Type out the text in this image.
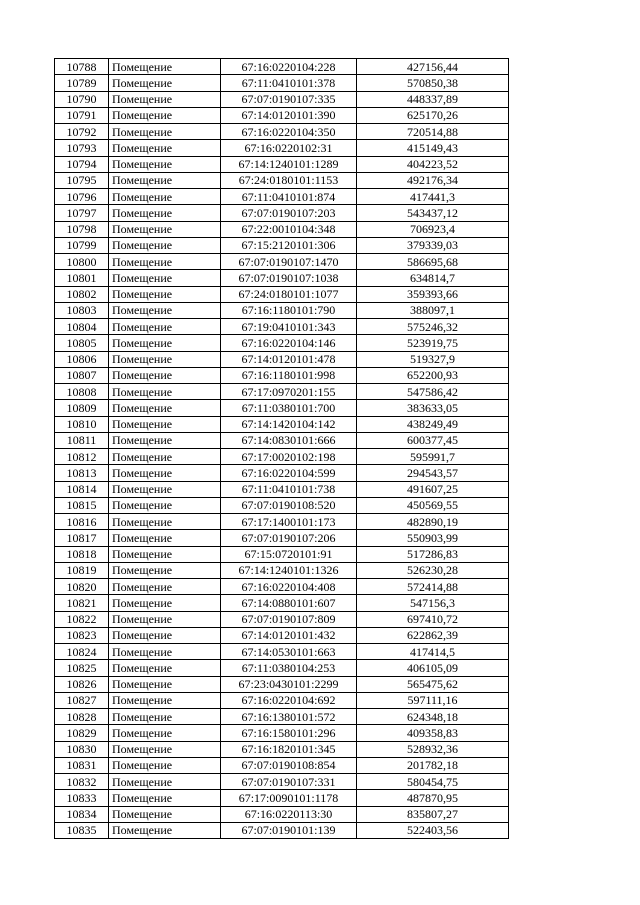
10788	Помещение	67:16:0220104:228	427156,44
10789	Помещение	67:11:0410101:378	570850,38
10790	Помещение	67:07:0190107:335	448337,89
10791	Помещение	67:14:0120101:390	625170,26
10792	Помещение	67:16:0220104:350	720514,88
10793	Помещение	67:16:0220102:31	415149,43
10794	Помещение	67:14:1240101:1289	404223,52
10795	Помещение	67:24:0180101:1153	492176,34
10796	Помещение	67:11:0410101:874	417441,3
10797	Помещение	67:07:0190107:203	543437,12
10798	Помещение	67:22:0010104:348	706923,4
10799	Помещение	67:15:2120101:306	379339,03
10800	Помещение	67:07:0190107:1470	586695,68
10801	Помещение	67:07:0190107:1038	634814,7
10802	Помещение	67:24:0180101:1077	359393,66
10803	Помещение	67:16:1180101:790	388097,1
10804	Помещение	67:19:0410101:343	575246,32
10805	Помещение	67:16:0220104:146	523919,75
10806	Помещение	67:14:0120101:478	519327,9
10807	Помещение	67:16:1180101:998	652200,93
10808	Помещение	67:17:0970201:155	547586,42
10809	Помещение	67:11:0380101:700	383633,05
10810	Помещение	67:14:1420104:142	438249,49
10811	Помещение	67:14:0830101:666	600377,45
10812	Помещение	67:17:0020102:198	595991,7
10813	Помещение	67:16:0220104:599	294543,57
10814	Помещение	67:11:0410101:738	491607,25
10815	Помещение	67:07:0190108:520	450569,55
10816	Помещение	67:17:1400101:173	482890,19
10817	Помещение	67:07:0190107:206	550903,99
10818	Помещение	67:15:0720101:91	517286,83
10819	Помещение	67:14:1240101:1326	526230,28
10820	Помещение	67:16:0220104:408	572414,88
10821	Помещение	67:14:0880101:607	547156,3
10822	Помещение	67:07:0190107:809	697410,72
10823	Помещение	67:14:0120101:432	622862,39
10824	Помещение	67:14:0530101:663	417414,5
10825	Помещение	67:11:0380104:253	406105,09
10826	Помещение	67:23:0430101:2299	565475,62
10827	Помещение	67:16:0220104:692	597111,16
10828	Помещение	67:16:1380101:572	624348,18
10829	Помещение	67:16:1580101:296	409358,83
10830	Помещение	67:16:1820101:345	528932,36
10831	Помещение	67:07:0190108:854	201782,18
10832	Помещение	67:07:0190107:331	580454,75
10833	Помещение	67:17:0090101:1178	487870,95
10834	Помещение	67:16:0220113:30	835807,27
10835	Помещение	67:07:0190101:139	522403,56
